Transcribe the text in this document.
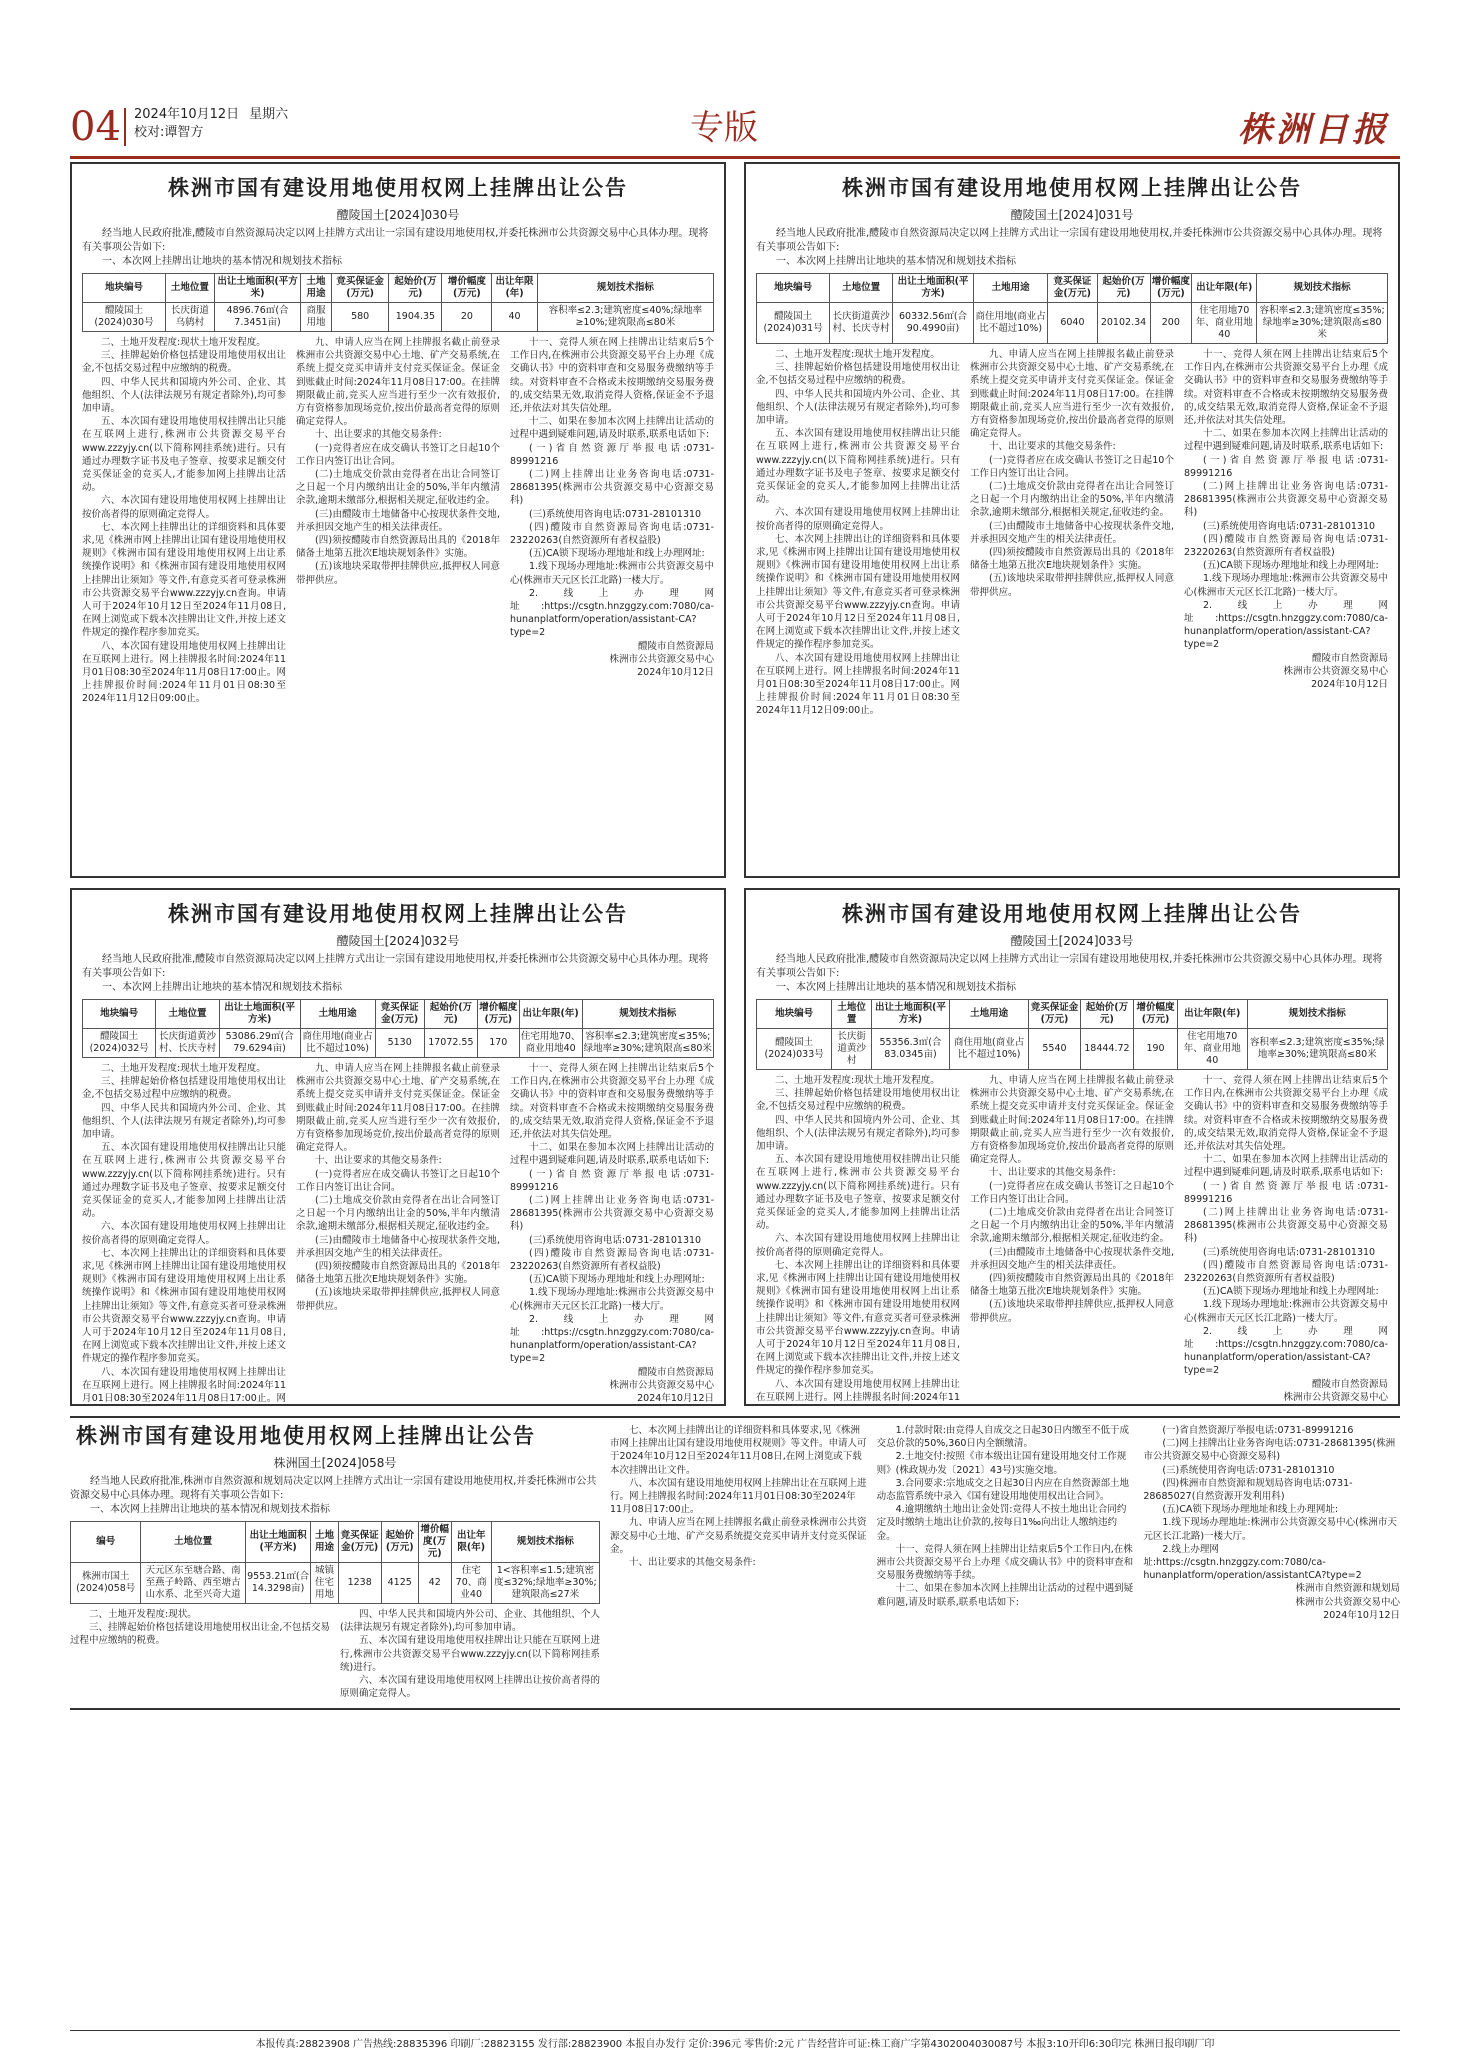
04 2024年10月12日 星期六
校对:谭智方	专版	株洲日报
株洲市国有建设用地使用权网上挂牌出让公告
醴陵国土[2024]030号

经当地人民政府批准,醴陵市自然资源局决定以网上挂牌方式出让一宗国有建设用地使用权,并委托株洲市公共资源交易中心具体办理。现将有关事项公告如下:

一、本次网上挂牌出让地块的基本情况和规划技术指标

地块编号	土地位置	出让土地面积(平方米)	土地用途	竞买保证金(万元)	起始价(万元)	增价幅度(万元)	出让年限(年)	规划技术指标
醴陵国土(2024)030号	长庆街道乌鸫村	4896.76㎡(合7.3451亩)	商服用地	580	1904.35	20	40	容积率≤2.3;建筑密度≤40%;绿地率≥10%;建筑限高≤80米

二、土地开发程度:现状土地开发程度。

三、挂牌起始价格包括建设用地使用权出让金,不包括交易过程中应缴纳的税费。

四、中华人民共和国境内外公司、企业、其他组织、个人(法律法规另有规定者除外),均可参加申请。

五、本次国有建设用地使用权挂牌出让只能在互联网上进行,株洲市公共资源交易平台www.zzzyjy.cn(以下简称网挂系统)进行。只有通过办理数字证书及电子签章、按要求足额交付竞买保证金的竞买人,才能参加网上挂牌出让活动。

六、本次国有建设用地使用权网上挂牌出让按价高者得的原则确定竞得人。

七、本次网上挂牌出让的详细资料和具体要求,见《株洲市网上挂牌出让国有建设用地使用权规则》《株洲市国有建设用地使用权网上出让系统操作说明》和《株洲市国有建设用地使用权网上挂牌出让须知》等文件,有意竞买者可登录株洲市公共资源交易平台www.zzzyjy.cn查询。申请人可于2024年10月12日至2024年11月08日,在网上浏览或下载本次挂牌出让文件,并按上述文件规定的操作程序参加竞买。

八、本次国有建设用地使用权网上挂牌出让在互联网上进行。网上挂牌报名时间:2024年11月01日08:30至2024年11月08日17:00止。网上挂牌报价时间:2024年11月01日08:30至2024年11月12日09:00止。

九、申请人应当在网上挂牌报名截止前登录株洲市公共资源交易中心土地、矿产交易系统,在系统上提交竞买申请并支付竞买保证金。保证金到账截止时间:2024年11月08日17:00。在挂牌期限截止前,竞买人应当进行至少一次有效报价,方有资格参加现场竞价,按出价最高者竞得的原则确定竞得人。

十、出让要求的其他交易条件:

(一)竞得者应在成交确认书签订之日起10个工作日内签订出让合同。

(二)土地成交价款由竞得者在出让合同签订之日起一个月内缴纳出让金的50%,半年内缴清余款,逾期未缴部分,根据相关规定,征收违约金。

(三)由醴陵市土地储备中心按现状条件交地,并承担因交地产生的相关法律责任。

(四)须按醴陵市自然资源局出具的《2018年储备土地第五批次E地块规划条件》实施。

(五)该地块采取带押挂牌供应,抵押权人同意带押供应。

十一、竞得人须在网上挂牌出让结束后5个工作日内,在株洲市公共资源交易平台上办理《成交确认书》中的资料审查和交易服务费缴纳等手续。对资料审查不合格或未按期缴纳交易服务费的,成交结果无效,取消竞得人资格,保证金不予退还,并依法对其失信处理。

十二、如果在参加本次网上挂牌出让活动的过程中遇到疑难问题,请及时联系,联系电话如下:

(一)省自然资源厅举报电话:0731-89991216

(二)网上挂牌出让业务咨询电话:0731-28681395(株洲市公共资源交易中心资源交易科)

(三)系统使用咨询电话:0731-28101310

(四)醴陵市自然资源局咨询电话:0731-23220263(自然资源所有者权益股)

(五)CA锁下现场办理地址和线上办理网址:

1.线下现场办理地址:株洲市公共资源交易中心(株洲市天元区长江北路)一楼大厅。

2.线上办理网址:https://csgtn.hnzggzy.com:7080/ca-hunanplatform/operation/assistant-CA?type=2

醴陵市自然资源局

株洲市公共资源交易中心

2024年10月12日

株洲市国有建设用地使用权网上挂牌出让公告
醴陵国土[2024]031号

经当地人民政府批准,醴陵市自然资源局决定以网上挂牌方式出让一宗国有建设用地使用权,并委托株洲市公共资源交易中心具体办理。现将有关事项公告如下:

一、本次网上挂牌出让地块的基本情况和规划技术指标

地块编号	土地位置	出让土地面积(平方米)	土地用途	竞买保证金(万元)	起始价(万元)	增价幅度(万元)	出让年限(年)	规划技术指标
醴陵国土(2024)031号	长庆街道黄沙村、长庆寺村	60332.56㎡(合90.4990亩)	商住用地(商业占比不超过10%)	6040	20102.34	200	住宅用地70年、商业用地40	容积率≤2.3;建筑密度≤35%;绿地率≥30%;建筑限高≤80米

二、土地开发程度:现状土地开发程度。

三、挂牌起始价格包括建设用地使用权出让金,不包括交易过程中应缴纳的税费。

四、中华人民共和国境内外公司、企业、其他组织、个人(法律法规另有规定者除外),均可参加申请。

五、本次国有建设用地使用权挂牌出让只能在互联网上进行,株洲市公共资源交易平台www.zzzyjy.cn(以下简称网挂系统)进行。只有通过办理数字证书及电子签章、按要求足额交付竞买保证金的竞买人,才能参加网上挂牌出让活动。

六、本次国有建设用地使用权网上挂牌出让按价高者得的原则确定竞得人。

七、本次网上挂牌出让的详细资料和具体要求,见《株洲市网上挂牌出让国有建设用地使用权规则》《株洲市国有建设用地使用权网上出让系统操作说明》和《株洲市国有建设用地使用权网上挂牌出让须知》等文件,有意竞买者可登录株洲市公共资源交易平台www.zzzyjy.cn查询。申请人可于2024年10月12日至2024年11月08日,在网上浏览或下载本次挂牌出让文件,并按上述文件规定的操作程序参加竞买。

八、本次国有建设用地使用权网上挂牌出让在互联网上进行。网上挂牌报名时间:2024年11月01日08:30至2024年11月08日17:00止。网上挂牌报价时间:2024年11月01日08:30至2024年11月12日09:00止。

九、申请人应当在网上挂牌报名截止前登录株洲市公共资源交易中心土地、矿产交易系统,在系统上提交竞买申请并支付竞买保证金。保证金到账截止时间:2024年11月08日17:00。在挂牌期限截止前,竞买人应当进行至少一次有效报价,方有资格参加现场竞价,按出价最高者竞得的原则确定竞得人。

十、出让要求的其他交易条件:

(一)竞得者应在成交确认书签订之日起10个工作日内签订出让合同。

(二)土地成交价款由竞得者在出让合同签订之日起一个月内缴纳出让金的50%,半年内缴清余款,逾期未缴部分,根据相关规定,征收违约金。

(三)由醴陵市土地储备中心按现状条件交地,并承担因交地产生的相关法律责任。

(四)须按醴陵市自然资源局出具的《2018年储备土地第五批次E地块规划条件》实施。

(五)该地块采取带押挂牌供应,抵押权人同意带押供应。

十一、竞得人须在网上挂牌出让结束后5个工作日内,在株洲市公共资源交易平台上办理《成交确认书》中的资料审查和交易服务费缴纳等手续。对资料审查不合格或未按期缴纳交易服务费的,成交结果无效,取消竞得人资格,保证金不予退还,并依法对其失信处理。

十二、如果在参加本次网上挂牌出让活动的过程中遇到疑难问题,请及时联系,联系电话如下:

(一)省自然资源厅举报电话:0731-89991216

(二)网上挂牌出让业务咨询电话:0731-28681395(株洲市公共资源交易中心资源交易科)

(三)系统使用咨询电话:0731-28101310

(四)醴陵市自然资源局咨询电话:0731-23220263(自然资源所有者权益股)

(五)CA锁下现场办理地址和线上办理网址:

1.线下现场办理地址:株洲市公共资源交易中心(株洲市天元区长江北路)一楼大厅。

2.线上办理网址:https://csgtn.hnzggzy.com:7080/ca-hunanplatform/operation/assistant-CA?type=2

醴陵市自然资源局

株洲市公共资源交易中心

2024年10月12日

株洲市国有建设用地使用权网上挂牌出让公告
醴陵国土[2024]032号

经当地人民政府批准,醴陵市自然资源局决定以网上挂牌方式出让一宗国有建设用地使用权,并委托株洲市公共资源交易中心具体办理。现将有关事项公告如下:

一、本次网上挂牌出让地块的基本情况和规划技术指标

地块编号	土地位置	出让土地面积(平方米)	土地用途	竞买保证金(万元)	起始价(万元)	增价幅度(万元)	出让年限(年)	规划技术指标
醴陵国土(2024)032号	长庆街道黄沙村、长庆寺村	53086.29㎡(合79.6294亩)	商住用地(商业占比不超过10%)	5130	17072.55	170	住宅用地70、商业用地40	容积率≤2.3;建筑密度≤35%;绿地率≥30%;建筑限高≤80米

二、土地开发程度:现状土地开发程度。

三、挂牌起始价格包括建设用地使用权出让金,不包括交易过程中应缴纳的税费。

四、中华人民共和国境内外公司、企业、其他组织、个人(法律法规另有规定者除外),均可参加申请。

五、本次国有建设用地使用权挂牌出让只能在互联网上进行,株洲市公共资源交易平台www.zzzyjy.cn(以下简称网挂系统)进行。只有通过办理数字证书及电子签章、按要求足额交付竞买保证金的竞买人,才能参加网上挂牌出让活动。

六、本次国有建设用地使用权网上挂牌出让按价高者得的原则确定竞得人。

七、本次网上挂牌出让的详细资料和具体要求,见《株洲市网上挂牌出让国有建设用地使用权规则》《株洲市国有建设用地使用权网上出让系统操作说明》和《株洲市国有建设用地使用权网上挂牌出让须知》等文件,有意竞买者可登录株洲市公共资源交易平台www.zzzyjy.cn查询。申请人可于2024年10月12日至2024年11月08日,在网上浏览或下载本次挂牌出让文件,并按上述文件规定的操作程序参加竞买。

八、本次国有建设用地使用权网上挂牌出让在互联网上进行。网上挂牌报名时间:2024年11月01日08:30至2024年11月08日17:00止。网

九、申请人应当在网上挂牌报名截止前登录株洲市公共资源交易中心土地、矿产交易系统,在系统上提交竞买申请并支付竞买保证金。保证金到账截止时间:2024年11月08日17:00。在挂牌期限截止前,竞买人应当进行至少一次有效报价,方有资格参加现场竞价,按出价最高者竞得的原则确定竞得人。

十、出让要求的其他交易条件:

(一)竞得者应在成交确认书签订之日起10个工作日内签订出让合同。

(二)土地成交价款由竞得者在出让合同签订之日起一个月内缴纳出让金的50%,半年内缴清余款,逾期未缴部分,根据相关规定,征收违约金。

(三)由醴陵市土地储备中心按现状条件交地,并承担因交地产生的相关法律责任。

(四)须按醴陵市自然资源局出具的《2018年储备土地第五批次E地块规划条件》实施。

(五)该地块采取带押挂牌供应,抵押权人同意带押供应。

十一、竞得人须在网上挂牌出让结束后5个工作日内,在株洲市公共资源交易平台上办理《成交确认书》中的资料审查和交易服务费缴纳等手续。对资料审查不合格或未按期缴纳交易服务费的,成交结果无效,取消竞得人资格,保证金不予退还,并依法对其失信处理。

十二、如果在参加本次网上挂牌出让活动的过程中遇到疑难问题,请及时联系,联系电话如下:

(一)省自然资源厅举报电话:0731-89991216

(二)网上挂牌出让业务咨询电话:0731-28681395(株洲市公共资源交易中心资源交易科)

(三)系统使用咨询电话:0731-28101310

(四)醴陵市自然资源局咨询电话:0731-23220263(自然资源所有者权益股)

(五)CA锁下现场办理地址和线上办理网址:

1.线下现场办理地址:株洲市公共资源交易中心(株洲市天元区长江北路)一楼大厅。

2.线上办理网址:https://csgtn.hnzggzy.com:7080/ca-hunanplatform/operation/assistant-CA?type=2

醴陵市自然资源局

株洲市公共资源交易中心

2024年10月12日

株洲市国有建设用地使用权网上挂牌出让公告
醴陵国土[2024]033号

经当地人民政府批准,醴陵市自然资源局决定以网上挂牌方式出让一宗国有建设用地使用权,并委托株洲市公共资源交易中心具体办理。现将有关事项公告如下:

一、本次网上挂牌出让地块的基本情况和规划技术指标

地块编号	土地位置	出让土地面积(平方米)	土地用途	竞买保证金(万元)	起始价(万元)	增价幅度(万元)	出让年限(年)	规划技术指标
醴陵国土(2024)033号	长庆街道黄沙村	55356.3㎡(合83.0345亩)	商住用地(商业占比不超过10%)	5540	18444.72	190	住宅用地70年、商业用地40	容积率≤2.3;建筑密度≤35%;绿地率≥30%;建筑限高≤80米

二、土地开发程度:现状土地开发程度。

三、挂牌起始价格包括建设用地使用权出让金,不包括交易过程中应缴纳的税费。

四、中华人民共和国境内外公司、企业、其他组织、个人(法律法规另有规定者除外),均可参加申请。

五、本次国有建设用地使用权挂牌出让只能在互联网上进行,株洲市公共资源交易平台www.zzzyjy.cn(以下简称网挂系统)进行。只有通过办理数字证书及电子签章、按要求足额交付竞买保证金的竞买人,才能参加网上挂牌出让活动。

六、本次国有建设用地使用权网上挂牌出让按价高者得的原则确定竞得人。

七、本次网上挂牌出让的详细资料和具体要求,见《株洲市网上挂牌出让国有建设用地使用权规则》《株洲市国有建设用地使用权网上出让系统操作说明》和《株洲市国有建设用地使用权网上挂牌出让须知》等文件,有意竞买者可登录株洲市公共资源交易平台www.zzzyjy.cn查询。申请人可于2024年10月12日至2024年11月08日,在网上浏览或下载本次挂牌出让文件,并按上述文件规定的操作程序参加竞买。

八、本次国有建设用地使用权网上挂牌出让在互联网上进行。网上挂牌报名时间:2024年11

九、申请人应当在网上挂牌报名截止前登录株洲市公共资源交易中心土地、矿产交易系统,在系统上提交竞买申请并支付竞买保证金。保证金到账截止时间:2024年11月08日17:00。在挂牌期限截止前,竞买人应当进行至少一次有效报价,方有资格参加现场竞价,按出价最高者竞得的原则确定竞得人。

十、出让要求的其他交易条件:

(一)竞得者应在成交确认书签订之日起10个工作日内签订出让合同。

(二)土地成交价款由竞得者在出让合同签订之日起一个月内缴纳出让金的50%,半年内缴清余款,逾期未缴部分,根据相关规定,征收违约金。

(三)由醴陵市土地储备中心按现状条件交地,并承担因交地产生的相关法律责任。

(四)须按醴陵市自然资源局出具的《2018年储备土地第五批次E地块规划条件》实施。

(五)该地块采取带押挂牌供应,抵押权人同意带押供应。

十一、竞得人须在网上挂牌出让结束后5个工作日内,在株洲市公共资源交易平台上办理《成交确认书》中的资料审查和交易服务费缴纳等手续。对资料审查不合格或未按期缴纳交易服务费的,成交结果无效,取消竞得人资格,保证金不予退还,并依法对其失信处理。

十二、如果在参加本次网上挂牌出让活动的过程中遇到疑难问题,请及时联系,联系电话如下:

(一)省自然资源厅举报电话:0731-89991216

(二)网上挂牌出让业务咨询电话:0731-28681395(株洲市公共资源交易中心资源交易科)

(三)系统使用咨询电话:0731-28101310

(四)醴陵市自然资源局咨询电话:0731-23220263(自然资源所有者权益股)

(五)CA锁下现场办理地址和线上办理网址:

1.线下现场办理地址:株洲市公共资源交易中心(株洲市天元区长江北路)一楼大厅。

2.线上办理网址:https://csgtn.hnzggzy.com:7080/ca-hunanplatform/operation/assistant-CA?type=2

醴陵市自然资源局

株洲市公共资源交易中心

株洲市国有建设用地使用权网上挂牌出让公告
株洲国土[2024]058号

经当地人民政府批准,株洲市自然资源和规划局决定以网上挂牌方式出让一宗国有建设用地使用权,并委托株洲市公共资源交易中心具体办理。现将有关事项公告如下:

一、本次网上挂牌出让地块的基本情况和规划技术指标

编号	土地位置	出让土地面积(平方米)	土地用途	竞买保证金(万元)	起始价(万元)	增价幅度(万元)	出让年限(年)	规划技术指标
株洲市国土(2024)058号	天元区东至塘合路、南至燕子岭路、西至塘古山水系、北至兴奇大道	9553.21㎡(合14.3298亩)	城镇住宅用地	1238	4125	42	住宅70、商业40	1<容积率≤1.5;建筑密度≤32%;绿地率≥30%;建筑限高≤27米

二、土地开发程度:现状。

三、挂牌起始价格包括建设用地使用权出让金,不包括交易过程中应缴纳的税费。

四、中华人民共和国境内外公司、企业、其他组织、个人(法律法规另有规定者除外),均可参加申请。

五、本次国有建设用地使用权挂牌出让只能在互联网上进行,株洲市公共资源交易平台www.zzzyjy.cn(以下简称网挂系统)进行。

六、本次国有建设用地使用权网上挂牌出让按价高者得的原则确定竞得人。

七、本次网上挂牌出让的详细资料和具体要求,见《株洲市网上挂牌出让国有建设用地使用权规则》等文件。申请人可于2024年10月12日至2024年11月08日,在网上浏览或下载本次挂牌出让文件。

八、本次国有建设用地使用权网上挂牌出让在互联网上进行。网上挂牌报名时间:2024年11月01日08:30至2024年11月08日17:00止。

九、申请人应当在网上挂牌报名截止前登录株洲市公共资源交易中心土地、矿产交易系统提交竞买申请并支付竞买保证金。

十、出让要求的其他交易条件:

1.付款时限:由竞得人自成交之日起30日内缴至不低于成交总价款的50%,360日内全额缴清。

2.土地交付:按照《市本级出让国有建设用地交付工作规则》(株政规办发〔2021〕43号)实施交地。

3.合同要求:宗地成交之日起30日内应在自然资源部土地动态监管系统中录入《国有建设用地使用权出让合同》。

4.逾期缴纳土地出让金处罚:竞得人不按土地出让合同约定及时缴纳土地出让价款的,按每日1‰向出让人缴纳违约金。

十一、竞得人须在网上挂牌出让结束后5个工作日内,在株洲市公共资源交易平台上办理《成交确认书》中的资料审查和交易服务费缴纳等手续。

十二、如果在参加本次网上挂牌出让活动的过程中遇到疑难问题,请及时联系,联系电话如下:

(一)省自然资源厅举报电话:0731-89991216

(二)网上挂牌出让业务咨询电话:0731-28681395(株洲市公共资源交易中心资源交易科)

(三)系统使用咨询电话:0731-28101310

(四)株洲市自然资源和规划局咨询电话:0731-28685027(自然资源开发利用科)

(五)CA锁下现场办理地址和线上办理网址:

1.线下现场办理地址:株洲市公共资源交易中心(株洲市天元区长江北路)一楼大厅。

2.线上办理网址:https://csgtn.hnzggzy.com:7080/ca-hunanplatform/operation/assistantCA?type=2

株洲市自然资源和规划局

株洲市公共资源交易中心

2024年10月12日

本报传真:28823908 广告热线:28835396 印刷厂:28823155 发行部:28823900 本报自办发行 定价:396元 零售价:2元 广告经营许可证:株工商广字第4302004030087号 本报3:10开印6:30印完 株洲日报印刷厂印
